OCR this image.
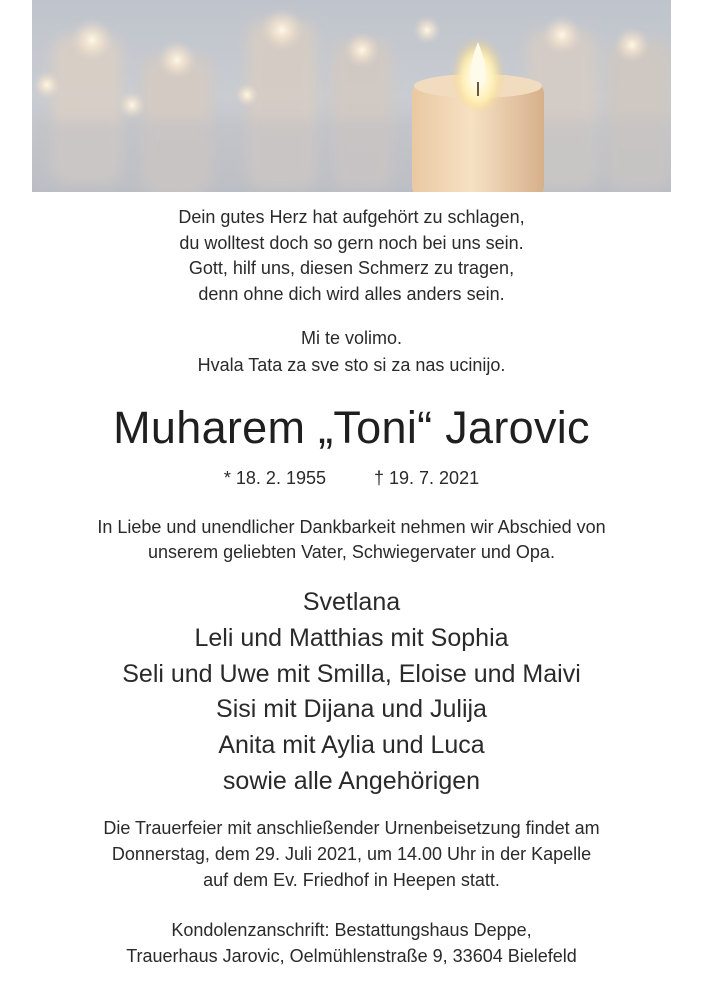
Dein gutes Herz hat aufgehört zu schlagen,
du wolltest doch so gern noch bei uns sein.
Gott, hilf uns, diesen Schmerz zu tragen,
denn ohne dich wird alles anders sein.
Mi te volimo.
Hvala Tata za sve sto si za nas ucinijo.
Muharem „Toni“ Jarovic
* 18. 2. 1955	† 19. 7. 2021
In Liebe und unendlicher Dankbarkeit nehmen wir Abschied von
unserem geliebten Vater, Schwiegervater und Opa.
Svetlana
Leli und Matthias mit Sophia
Seli und Uwe mit Smilla, Eloise und Maivi
Sisi mit Dijana und Julija
Anita mit Aylia und Luca
sowie alle Angehörigen
Die Trauerfeier mit anschließender Urnenbeisetzung findet am
Donnerstag, dem 29. Juli 2021, um 14.00 Uhr in der Kapelle
auf dem Ev. Friedhof in Heepen statt.
Kondolenzanschrift: Bestattungshaus Deppe,
Trauerhaus Jarovic, Oelmühlenstraße 9, 33604 Bielefeld
